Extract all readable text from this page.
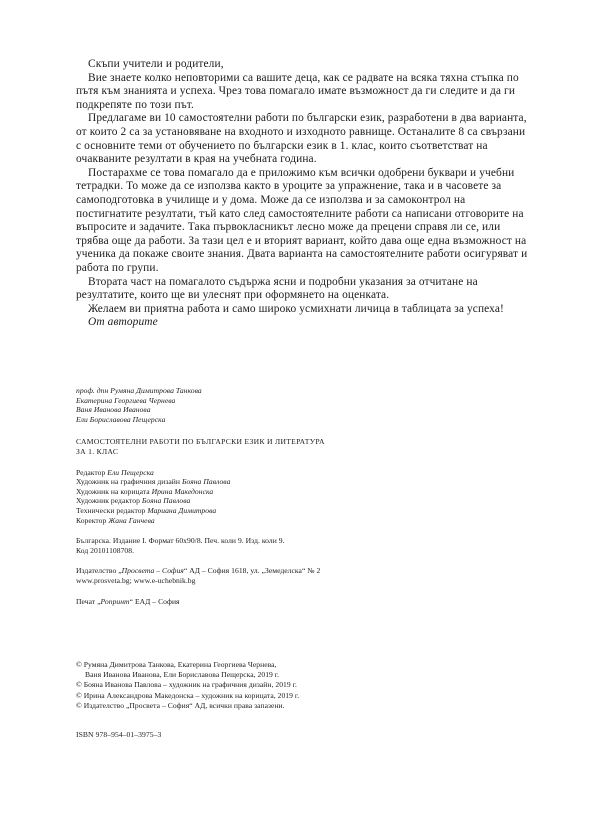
Скъпи учители и родители,

Вие знаете колко неповторими са вашите деца, как се радвате на всяка тяхна стъпка по пътя към знанията и успеха. Чрез това помагало имате възможност да ги следите и да ги подкрепяте по този път.

Предлагаме ви 10 самостоятелни работи по български език, разработени в два варианта, от които 2 са за установяване на входното и изходното равнище. Останалите 8 са свързани с основните теми от обучението по български език в 1. клас, които съответстват на очакваните резултати в края на учебната година.

Постарахме се това помагало да е приложимо към всички одобрени буквари и учебни тетрадки. То може да се използва както в уроците за упражнение, така и в часовете за самоподготовка в училище и у дома. Може да се използва и за самоконтрол на постигнатите резултати, тъй като след самостоятелните работи са написани отговорите на въпросите и задачите. Така първокласникът лесно може да прецени справя ли се, или трябва още да работи. За тази цел е и вторият вариант, който дава още една възможност на ученика да покаже своите знания. Двата варианта на самостоятелните работи осигуряват и работа по групи.

Втората част на помагалото съдържа ясни и подробни указания за отчитане на резултатите, които ще ви улеснят при оформянето на оценката.

Желаем ви приятна работа и само широко усмихнати личица в таблицата за успеха!

От авторите

проф. дпн Румяна Димитрова Танкова

Екатерина Георгиева Чернева

Ваня Иванова Иванова

Ели Бориславова Пещерска

САМОСТОЯТЕЛНИ РАБОТИ ПО БЪЛГАРСКИ ЕЗИК И ЛИТЕРАТУРА

ЗА 1. КЛАС

Редактор Ели Пещерска

Художник на графичния дизайн Бояна Павлова

Художник на корицата Ирина Македонска

Художник редактор Бояна Павлова

Технически редактор Мариана Димитрова

Коректор Жана Ганчева

Българска. Издание I. Формат 60x90/8. Печ. коли 9. Изд. коли 9.

Код 20101108708.

Издателство „Просвета – София“ АД – София 1618, ул. „Земеделска“ № 2

www.prosveta.bg; www.e-uchebnik.bg

Печат „Ропринт“ ЕАД – София

© Румяна Димитрова Танкова, Екатерина Георгиева Чернева,

Ваня Иванова Иванова, Ели Бориславова Пещерска, 2019 г.

© Бояна Иванова Павлова – художник на графичния дизайн, 2019 г.

© Ирина Александрова Македонска – художник на корицата, 2019 г.

© Издателство „Просвета – София“ АД, всички права запазени.

ISBN 978–954–01–3975–3
